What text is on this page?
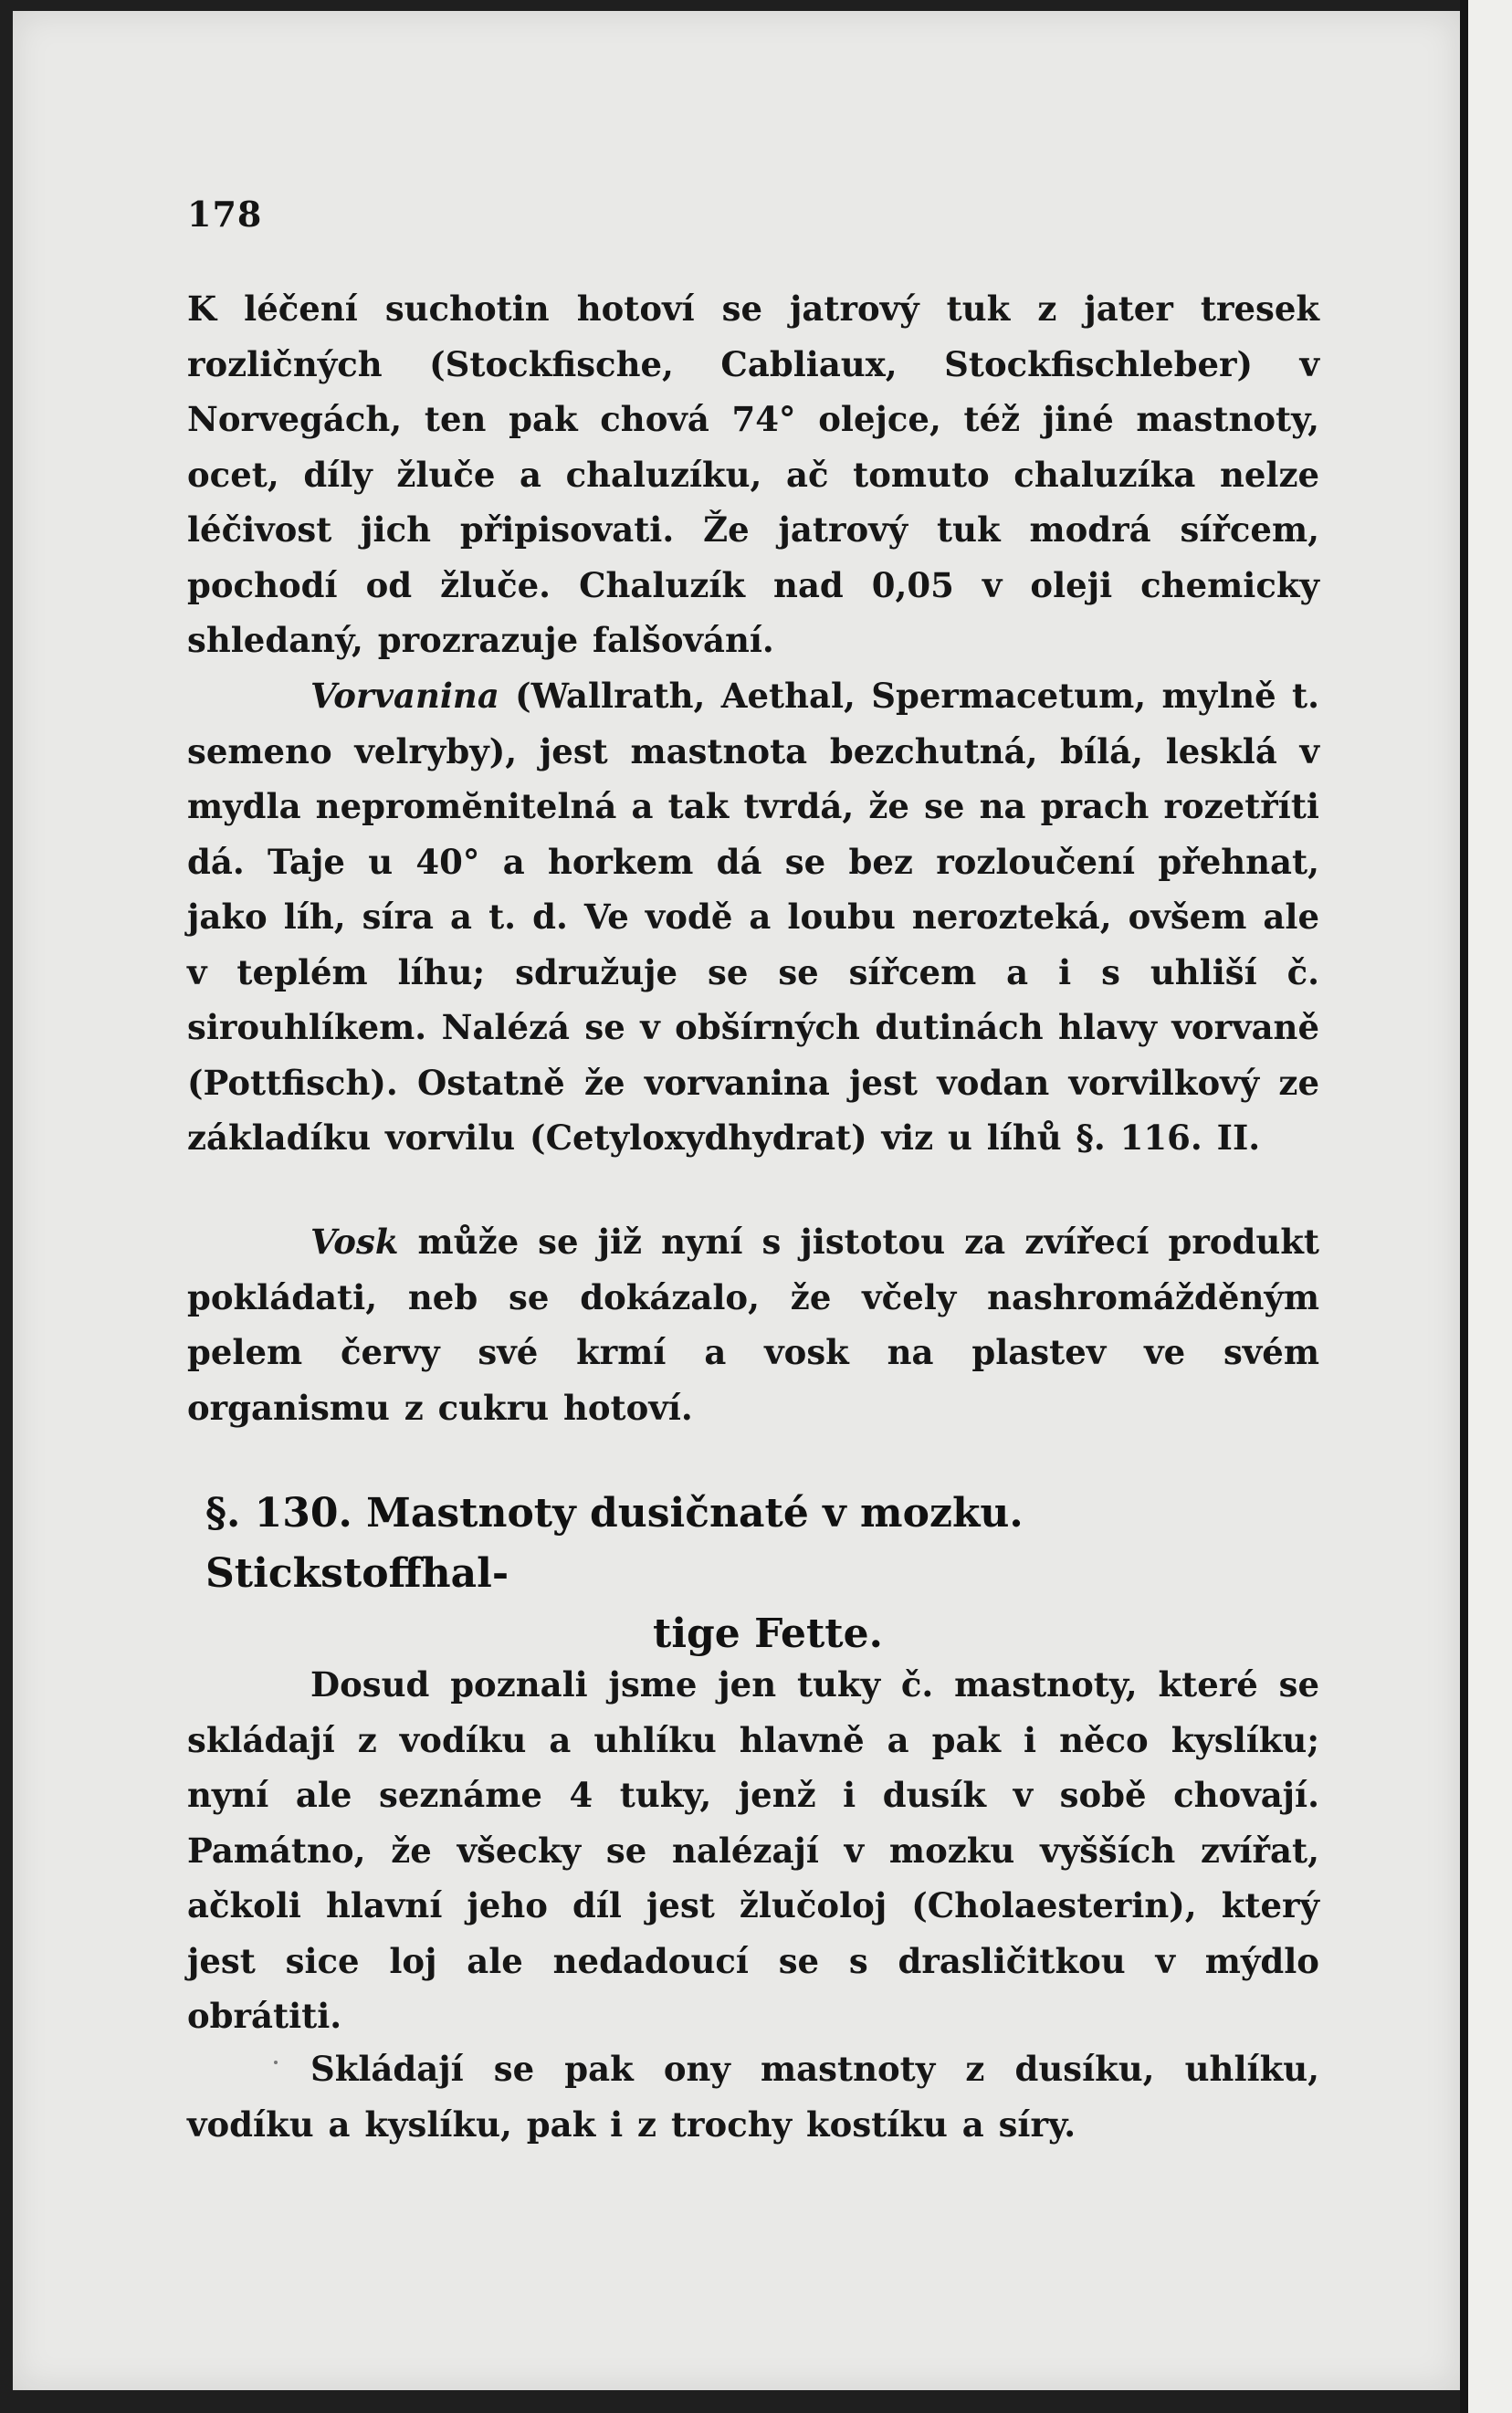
178
K léčení suchotin hotoví se jatrový tuk z jater tresek rozličných (Stockfische, Cabliaux, Stockfischleber) v Norvegách, ten pak chová 74° olejce, též jiné mastnoty, ocet, díly žluče a chaluzíku, ač tomuto chaluzíka nelze léčivost jich připisovati. Že jatrový tuk modrá sířcem, pochodí od žluče. Chaluzík nad 0,05 v oleji chemicky shledaný, prozrazuje falšování.
Vorvanina (Wallrath, Aethal, Spermacetum, mylně t. semeno velryby), jest mastnota bezchutná, bílá, lesklá v mydla nepromĕnitelná a tak tvrdá, že se na prach rozetříti dá. Taje u 40° a horkem dá se bez rozloučení přehnat, jako líh, síra a t. d. Ve vodě a loubu nerozteká, ovšem ale v teplém líhu; sdružuje se se sířcem a i s uhliší č. sirouhlíkem. Nalézá se v obšírných dutinách hlavy vorvaně (Pottfisch). Ostatně že vorvanina jest vodan vorvilkový ze základíku vorvilu (Cetyloxydhydrat) viz u líhů §. 116. II.
Vosk může se již nyní s jistotou za zvířecí produkt pokládati, neb se dokázalo, že včely nashromážděným pelem červy své krmí a vosk na plastev ve svém organismu z cukru hotoví.
§. 130. Mastnoty dusičnaté v mozku. Stickstoffhal-
tige Fette.
Dosud poznali jsme jen tuky č. mastnoty, které se skládají z vodíku a uhlíku hlavně a pak i něco kyslíku; nyní ale seznáme 4 tuky, jenž i dusík v sobě chovají. Památno, že všecky se nalézají v mozku vyšších zvířat, ačkoli hlavní jeho díl jest žlučoloj (Cholaesterin), který jest sice loj ale nedadoucí se s drasličitkou v mýdlo obrátiti.
Skládají se pak ony mastnoty z dusíku, uhlíku, vodíku a kyslíku, pak i z trochy kostíku a síry.
